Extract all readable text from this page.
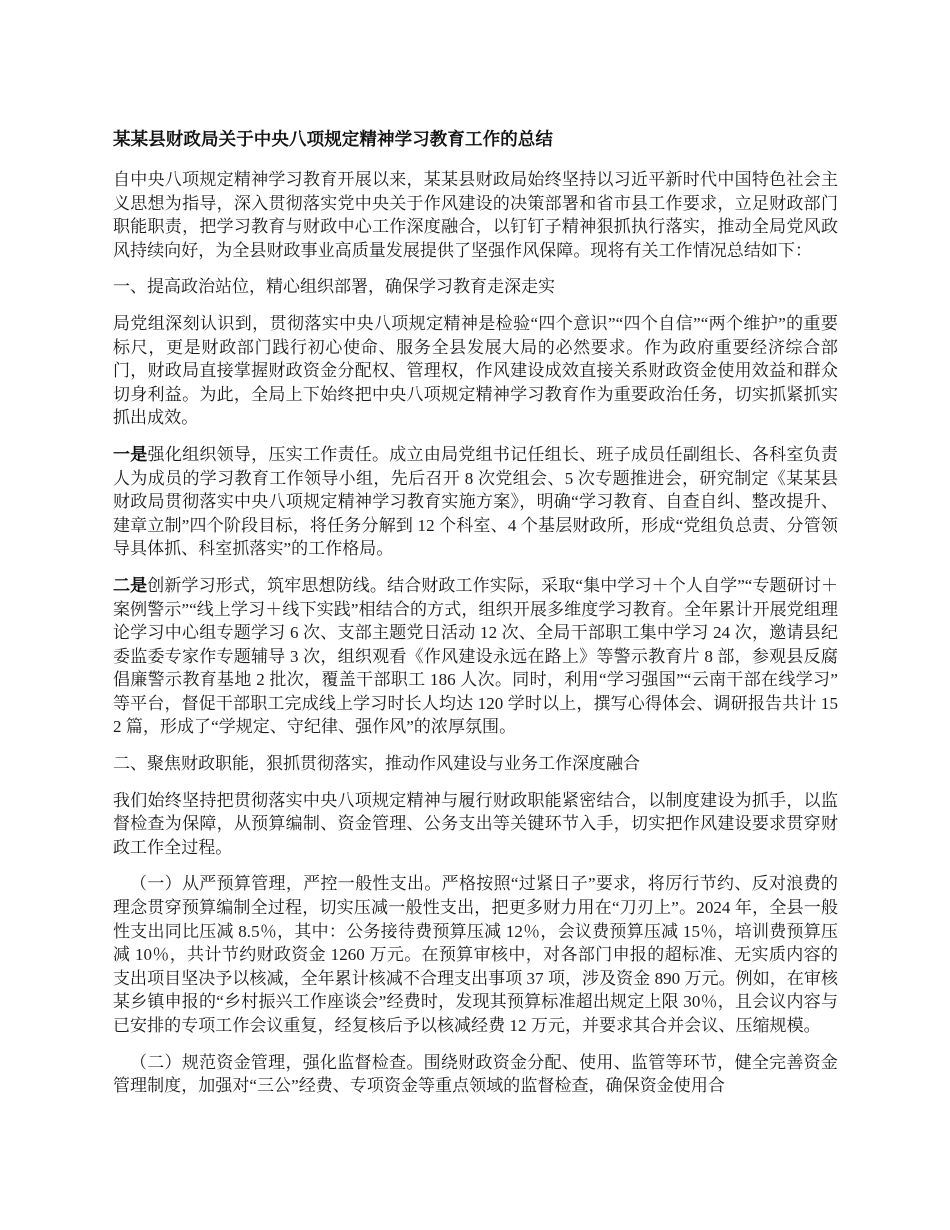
某某县财政局关于中央八项规定精神学习教育工作的总结

自中央八项规定精神学习教育开展以来，某某县财政局始终坚持以习近平新时代中国特色社会主义思想为指导，深入贯彻落实党中央关于作风建设的决策部署和省市县工作要求，立足财政部门职能职责，把学习教育与财政中心工作深度融合，以钉钉子精神狠抓执行落实，推动全局党风政风持续向好，为全县财政事业高质量发展提供了坚强作风保障。现将有关工作情况总结如下：

一、提高政治站位，精心组织部署，确保学习教育走深走实

局党组深刻认识到，贯彻落实中央八项规定精神是检验“四个意识”“四个自信”“两个维护”的重要标尺，更是财政部门践行初心使命、服务全县发展大局的必然要求。作为政府重要经济综合部门，财政局直接掌握财政资金分配权、管理权，作风建设成效直接关系财政资金使用效益和群众切身利益。为此，全局上下始终把中央八项规定精神学习教育作为重要政治任务，切实抓紧抓实抓出成效。

一是强化组织领导，压实工作责任。成立由局党组书记任组长、班子成员任副组长、各科室负责人为成员的学习教育工作领导小组，先后召开 8 次党组会、5 次专题推进会，研究制定《某某县财政局贯彻落实中央八项规定精神学习教育实施方案》，明确“学习教育、自查自纠、整改提升、建章立制”四个阶段目标，将任务分解到 12 个科室、4 个基层财政所，形成“党组负总责、分管领导具体抓、科室抓落实”的工作格局。

二是创新学习形式，筑牢思想防线。结合财政工作实际，采取“集中学习＋个人自学”“专题研讨＋案例警示”“线上学习＋线下实践”相结合的方式，组织开展多维度学习教育。全年累计开展党组理论学习中心组专题学习 6 次、支部主题党日活动 12 次、全局干部职工集中学习 24 次，邀请县纪委监委专家作专题辅导 3 次，组织观看《作风建设永远在路上》等警示教育片 8 部，参观县反腐倡廉警示教育基地 2 批次，覆盖干部职工 186 人次。同时，利用“学习强国”“云南干部在线学习”等平台，督促干部职工完成线上学习时长人均达 120 学时以上，撰写心得体会、调研报告共计 152 篇，形成了“学规定、守纪律、强作风”的浓厚氛围。

二、聚焦财政职能，狠抓贯彻落实，推动作风建设与业务工作深度融合

我们始终坚持把贯彻落实中央八项规定精神与履行财政职能紧密结合，以制度建设为抓手，以监督检查为保障，从预算编制、资金管理、公务支出等关键环节入手，切实把作风建设要求贯穿财政工作全过程。

（一）从严预算管理，严控一般性支出。严格按照“过紧日子”要求，将厉行节约、反对浪费的理念贯穿预算编制全过程，切实压减一般性支出，把更多财力用在“刀刃上”。2024 年，全县一般性支出同比压减 8.5％，其中：公务接待费预算压减 12％，会议费预算压减 15％，培训费预算压减 10％，共计节约财政资金 1260 万元。在预算审核中，对各部门申报的超标准、无实质内容的支出项目坚决予以核减，全年累计核减不合理支出事项 37 项，涉及资金 890 万元。例如，在审核某乡镇申报的“乡村振兴工作座谈会”经费时，发现其预算标准超出规定上限 30％，且会议内容与已安排的专项工作会议重复，经复核后予以核减经费 12 万元，并要求其合并会议、压缩规模。

（二）规范资金管理，强化监督检查。围绕财政资金分配、使用、监管等环节，健全完善资金管理制度，加强对“三公”经费、专项资金等重点领域的监督检查，确保资金使用合
